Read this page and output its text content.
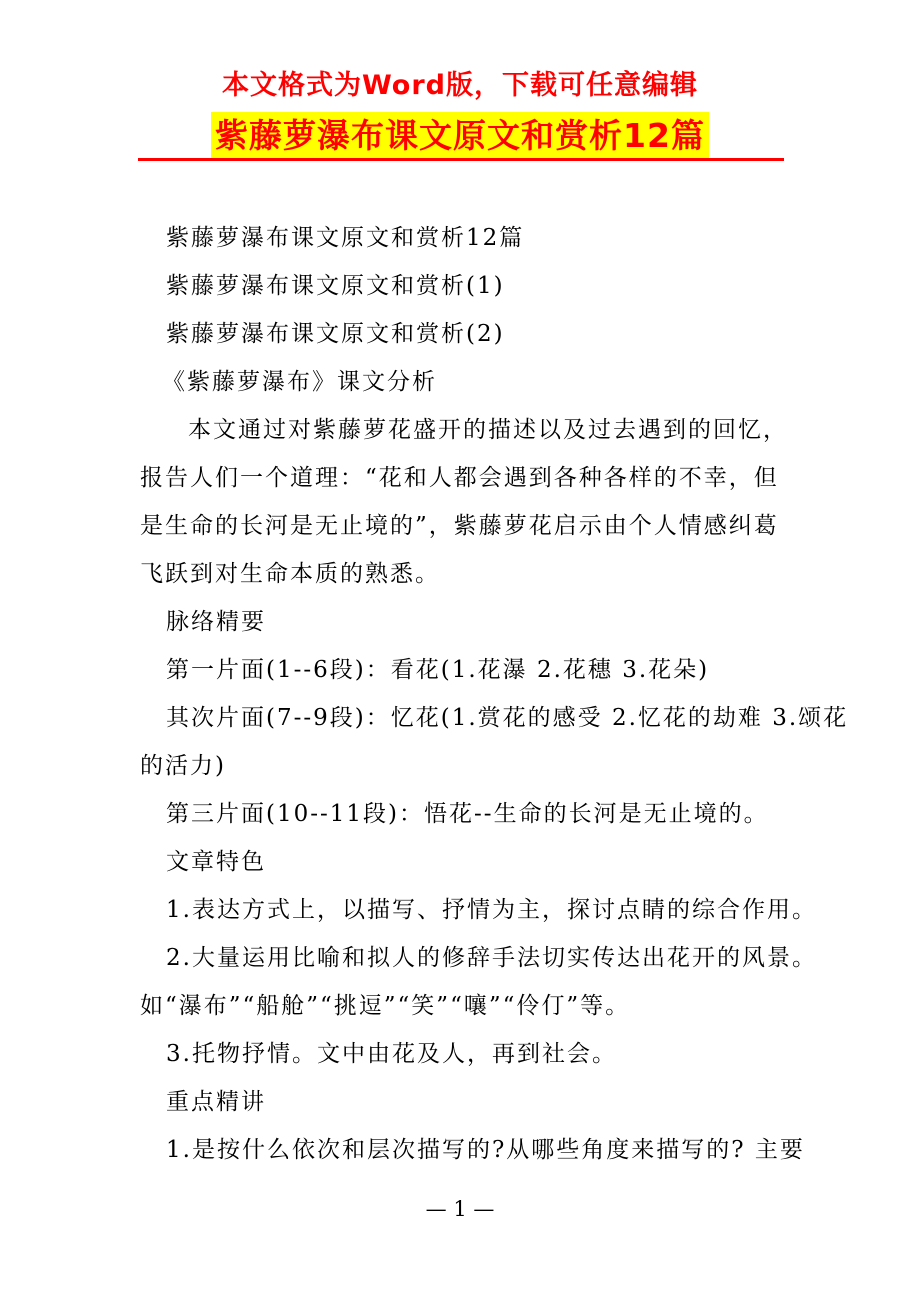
本文格式为Word版，下载可任意编辑
紫藤萝瀑布课文原文和赏析12篇
紫藤萝瀑布课文原文和赏析12篇
紫藤萝瀑布课文原文和赏析(1)
紫藤萝瀑布课文原文和赏析(2)
《紫藤萝瀑布》课文分析
本文通过对紫藤萝花盛开的描述以及过去遇到的回忆，
报告人们一个道理：“花和人都会遇到各种各样的不幸，但
是生命的长河是无止境的”，紫藤萝花启示由个人情感纠葛
飞跃到对生命本质的熟悉。
脉络精要
第一片面(1--6段)：看花(1.花瀑 2.花穗 3.花朵)
其次片面(7--9段)：忆花(1.赏花的感受 2.忆花的劫难 3.颂花
的活力)
第三片面(10--11段)：悟花--生命的长河是无止境的。
文章特色
1.表达方式上，以描写、抒情为主，探讨点睛的综合作用。
2.大量运用比喻和拟人的修辞手法切实传达出花开的风景。
如“瀑布”“船舱”“挑逗”“笑”“嚷”“伶仃”等。
3.托物抒情。文中由花及人，再到社会。
重点精讲
1.是按什么依次和层次描写的?从哪些角度来描写的? 主要
— 1 —
